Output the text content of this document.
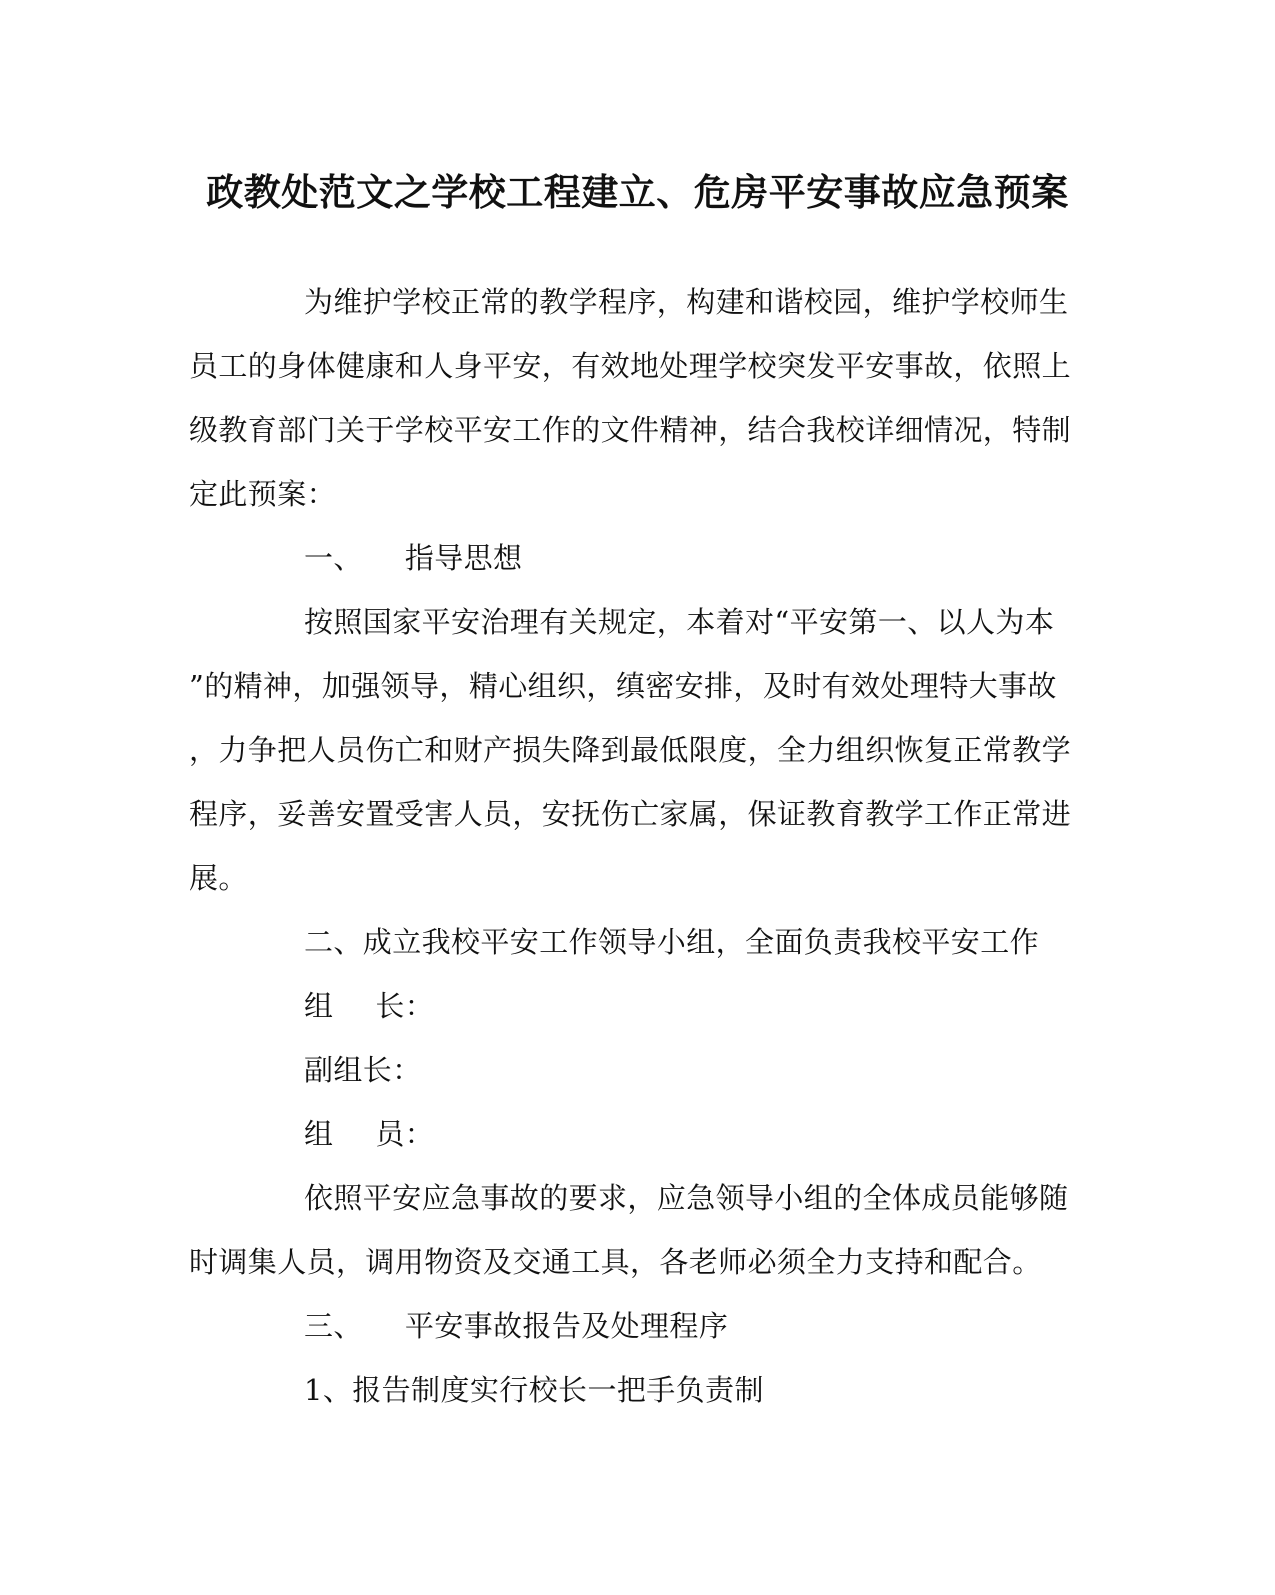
政教处范文之学校工程建立、危房平安事故应急预案
为维护学校正常的教学程序，构建和谐校园，维护学校师生
员工的身体健康和人身平安，有效地处理学校突发平安事故，依照上
级教育部门关于学校平安工作的文件精神，结合我校详细情况，特制
定此预案：
一、 指导思想
按照国家平安治理有关规定，本着对“平安第一、以人为本
”的精神，加强领导，精心组织，缜密安排，及时有效处理特大事故
，力争把人员伤亡和财产损失降到最低限度，全力组织恢复正常教学
程序，妥善安置受害人员，安抚伤亡家属，保证教育教学工作正常进
展。
二、成立我校平安工作领导小组，全面负责我校平安工作
组 长：
副组长：
组 员：
依照平安应急事故的要求，应急领导小组的全体成员能够随
时调集人员，调用物资及交通工具，各老师必须全力支持和配合。
三、 平安事故报告及处理程序
1、报告制度实行校长一把手负责制
